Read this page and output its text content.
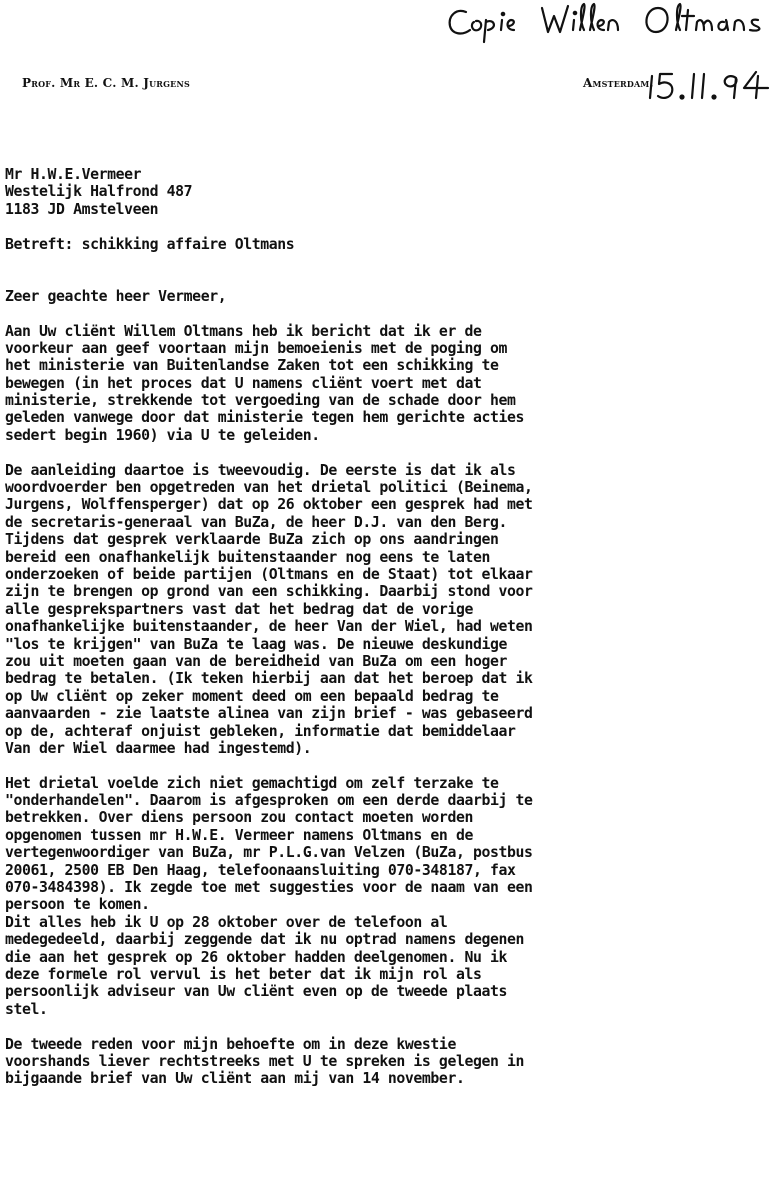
Prof. Mr E. C. M. Jurgens	Amsterdam,
Mr H.W.E.Vermeer
Westelijk Halfrond 487
1183 JD Amstelveen
Betreft: schikking affaire Oltmans
Zeer geachte heer Vermeer,
Aan Uw cliënt Willem Oltmans heb ik bericht dat ik er de
voorkeur aan geef voortaan mijn bemoeienis met de poging om
het ministerie van Buitenlandse Zaken tot een schikking te
bewegen (in het proces dat U namens cliënt voert met dat
ministerie, strekkende tot vergoeding van de schade door hem
geleden vanwege door dat ministerie tegen hem gerichte acties
sedert begin 1960) via U te geleiden.
De aanleiding daartoe is tweevoudig. De eerste is dat ik als
woordvoerder ben opgetreden van het drietal politici (Beinema,
Jurgens, Wolffensperger) dat op 26 oktober een gesprek had met
de secretaris-generaal van BuZa, de heer D.J. van den Berg.
Tijdens dat gesprek verklaarde BuZa zich op ons aandringen
bereid een onafhankelijk buitenstaander nog eens te laten
onderzoeken of beide partijen (Oltmans en de Staat) tot elkaar
zijn te brengen op grond van een schikking. Daarbij stond voor
alle gesprekspartners vast dat het bedrag dat de vorige
onafhankelijke buitenstaander, de heer Van der Wiel, had weten
"los te krijgen" van BuZa te laag was. De nieuwe deskundige
zou uit moeten gaan van de bereidheid van BuZa om een hoger
bedrag te betalen. (Ik teken hierbij aan dat het beroep dat ik
op Uw cliënt op zeker moment deed om een bepaald bedrag te
aanvaarden - zie laatste alinea van zijn brief - was gebaseerd
op de, achteraf onjuist gebleken, informatie dat bemiddelaar
Van der Wiel daarmee had ingestemd).
Het drietal voelde zich niet gemachtigd om zelf terzake te
"onderhandelen". Daarom is afgesproken om een derde daarbij te
betrekken. Over diens persoon zou contact moeten worden
opgenomen tussen mr H.W.E. Vermeer namens Oltmans en de
vertegenwoordiger van BuZa, mr P.L.G.van Velzen (BuZa, postbus
20061, 2500 EB Den Haag, telefoonaansluiting 070-348187, fax
070-3484398). Ik zegde toe met suggesties voor de naam van een
persoon te komen.
Dit alles heb ik U op 28 oktober over de telefoon al
medegedeeld, daarbij zeggende dat ik nu optrad namens degenen
die aan het gesprek op 26 oktober hadden deelgenomen. Nu ik
deze formele rol vervul is het beter dat ik mijn rol als
persoonlijk adviseur van Uw cliënt even op de tweede plaats
stel.
De tweede reden voor mijn behoefte om in deze kwestie
voorshands liever rechtstreeks met U te spreken is gelegen in
bijgaande brief van Uw cliënt aan mij van 14 november.
